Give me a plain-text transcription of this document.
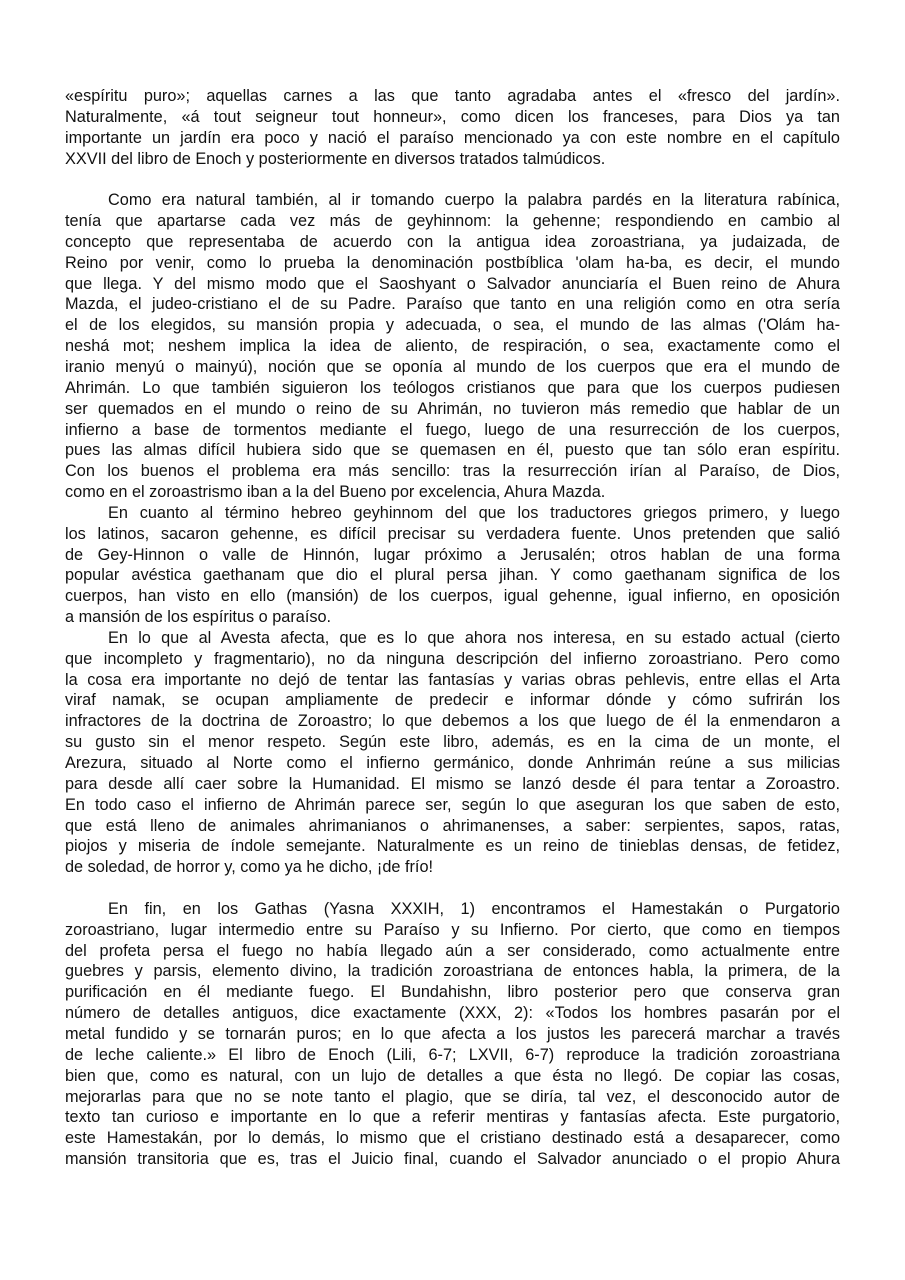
«espíritu puro»; aquellas carnes a las que tanto agradaba antes el «fresco del jardín».
Naturalmente, «á tout seigneur tout honneur», como dicen los franceses, para Dios ya tan
importante un jardín era poco y nació el paraíso mencionado ya con este nombre en el capítulo
XXVII del libro de Enoch y posteriormente en diversos tratados talmúdicos.
Como era natural también, al ir tomando cuerpo la palabra pardés en la literatura rabínica,
tenía que apartarse cada vez más de geyhinnom: la gehenne; respondiendo en cambio al
concepto que representaba de acuerdo con la antigua idea zoroastriana, ya judaizada, de
Reino por venir, como lo prueba la denominación postbíblica 'olam ha-ba, es decir, el mundo
que llega. Y del mismo modo que el Saoshyant o Salvador anunciaría el Buen reino de Ahura
Mazda, el judeo-cristiano el de su Padre. Paraíso que tanto en una religión como en otra sería
el de los elegidos, su mansión propia y adecuada, o sea, el mundo de las almas ('Olám ha-
neshá mot; neshem implica la idea de aliento, de respiración, o sea, exactamente como el
iranio menyú o mainyú), noción que se oponía al mundo de los cuerpos que era el mundo de
Ahrimán. Lo que también siguieron los teólogos cristianos que para que los cuerpos pudiesen
ser quemados en el mundo o reino de su Ahrimán, no tuvieron más remedio que hablar de un
infierno a base de tormentos mediante el fuego, luego de una resurrección de los cuerpos,
pues las almas difícil hubiera sido que se quemasen en él, puesto que tan sólo eran espíritu.
Con los buenos el problema era más sencillo: tras la resurrección irían al Paraíso, de Dios,
como en el zoroastrismo iban a la del Bueno por excelencia, Ahura Mazda.
En cuanto al término hebreo geyhinnom del que los traductores griegos primero, y luego
los latinos, sacaron gehenne, es difícil precisar su verdadera fuente. Unos pretenden que salió
de Gey-Hinnon o valle de Hinnón, lugar próximo a Jerusalén; otros hablan de una forma
popular avéstica gaethanam que dio el plural persa jihan. Y como gaethanam significa de los
cuerpos, han visto en ello (mansión) de los cuerpos, igual gehenne, igual infierno, en oposición
a mansión de los espíritus o paraíso.
En lo que al Avesta afecta, que es lo que ahora nos interesa, en su estado actual (cierto
que incompleto y fragmentario), no da ninguna descripción del infierno zoroastriano. Pero como
la cosa era importante no dejó de tentar las fantasías y varias obras pehlevis, entre ellas el Arta
viraf namak, se ocupan ampliamente de predecir e informar dónde y cómo sufrirán los
infractores de la doctrina de Zoroastro; lo que debemos a los que luego de él la enmendaron a
su gusto sin el menor respeto. Según este libro, además, es en la cima de un monte, el
Arezura, situado al Norte como el infierno germánico, donde Anhrimán reúne a sus milicias
para desde allí caer sobre la Humanidad. El mismo se lanzó desde él para tentar a Zoroastro.
En todo caso el infierno de Ahrimán parece ser, según lo que aseguran los que saben de esto,
que está lleno de animales ahrimanianos o ahrimanenses, a saber: serpientes, sapos, ratas,
piojos y miseria de índole semejante. Naturalmente es un reino de tinieblas densas, de fetidez,
de soledad, de horror y, como ya he dicho, ¡de frío!
En fin, en los Gathas (Yasna XXXIH, 1) encontramos el Hamestakán o Purgatorio
zoroastriano, lugar intermedio entre su Paraíso y su Infierno. Por cierto, que como en tiempos
del profeta persa el fuego no había llegado aún a ser considerado, como actualmente entre
guebres y parsis, elemento divino, la tradición zoroastriana de entonces habla, la primera, de la
purificación en él mediante fuego. El Bundahishn, libro posterior pero que conserva gran
número de detalles antiguos, dice exactamente (XXX, 2): «Todos los hombres pasarán por el
metal fundido y se tornarán puros; en lo que afecta a los justos les parecerá marchar a través
de leche caliente.» El libro de Enoch (Lili, 6-7; LXVII, 6-7) reproduce la tradición zoroastriana
bien que, como es natural, con un lujo de detalles a que ésta no llegó. De copiar las cosas,
mejorarlas para que no se note tanto el plagio, que se diría, tal vez, el desconocido autor de
texto tan curioso e importante en lo que a referir mentiras y fantasías afecta. Este purgatorio,
este Hamestakán, por lo demás, lo mismo que el cristiano destinado está a desaparecer, como
mansión transitoria que es, tras el Juicio final, cuando el Salvador anunciado o el propio Ahura
